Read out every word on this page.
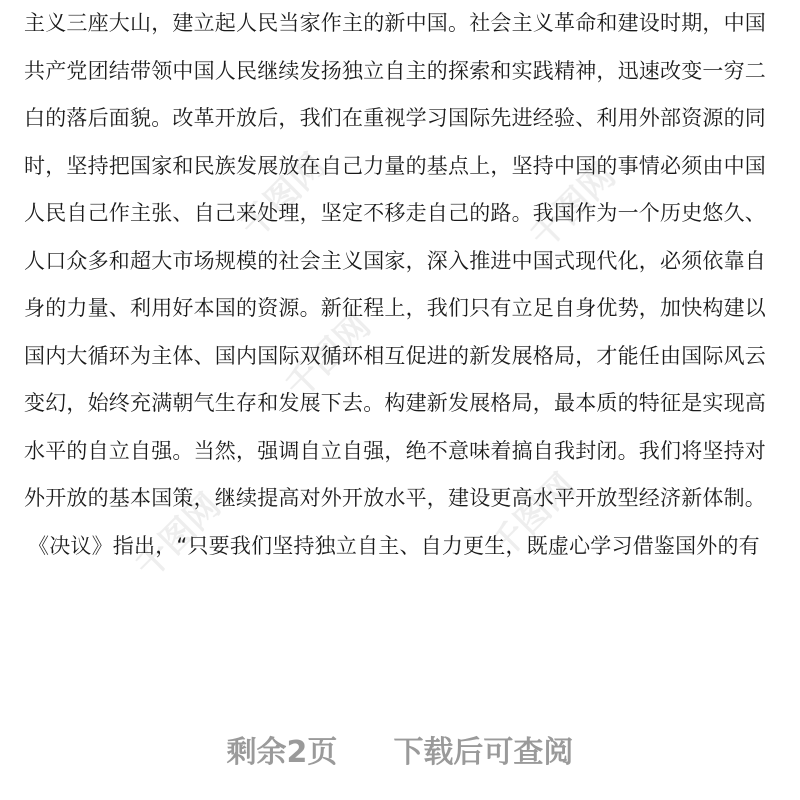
千图网
千图网
千图网	千图网
千图网
主义三座大山，建立起人民当家作主的新中国。社会主义革命和建设时期，中国
共产党团结带领中国人民继续发扬独立自主的探索和实践精神，迅速改变一穷二
白的落后面貌。改革开放后，我们在重视学习国际先进经验、利用外部资源的同
时，坚持把国家和民族发展放在自己力量的基点上，坚持中国的事情必须由中国
人民自己作主张、自己来处理，坚定不移走自己的路。我国作为一个历史悠久、
人口众多和超大市场规模的社会主义国家，深入推进中国式现代化，必须依靠自
身的力量、利用好本国的资源。新征程上，我们只有立足自身优势，加快构建以
国内大循环为主体、国内国际双循环相互促进的新发展格局，才能任由国际风云
变幻，始终充满朝气生存和发展下去。构建新发展格局，最本质的特征是实现高
水平的自立自强。当然，强调自立自强，绝不意味着搞自我封闭。我们将坚持对
外开放的基本国策，继续提高对外开放水平，建设更高水平开放型经济新体制。
《决议》指出，“只要我们坚持独立自主、自力更生，既虚心学习借鉴国外的有
剩余2页 下载后可查阅
